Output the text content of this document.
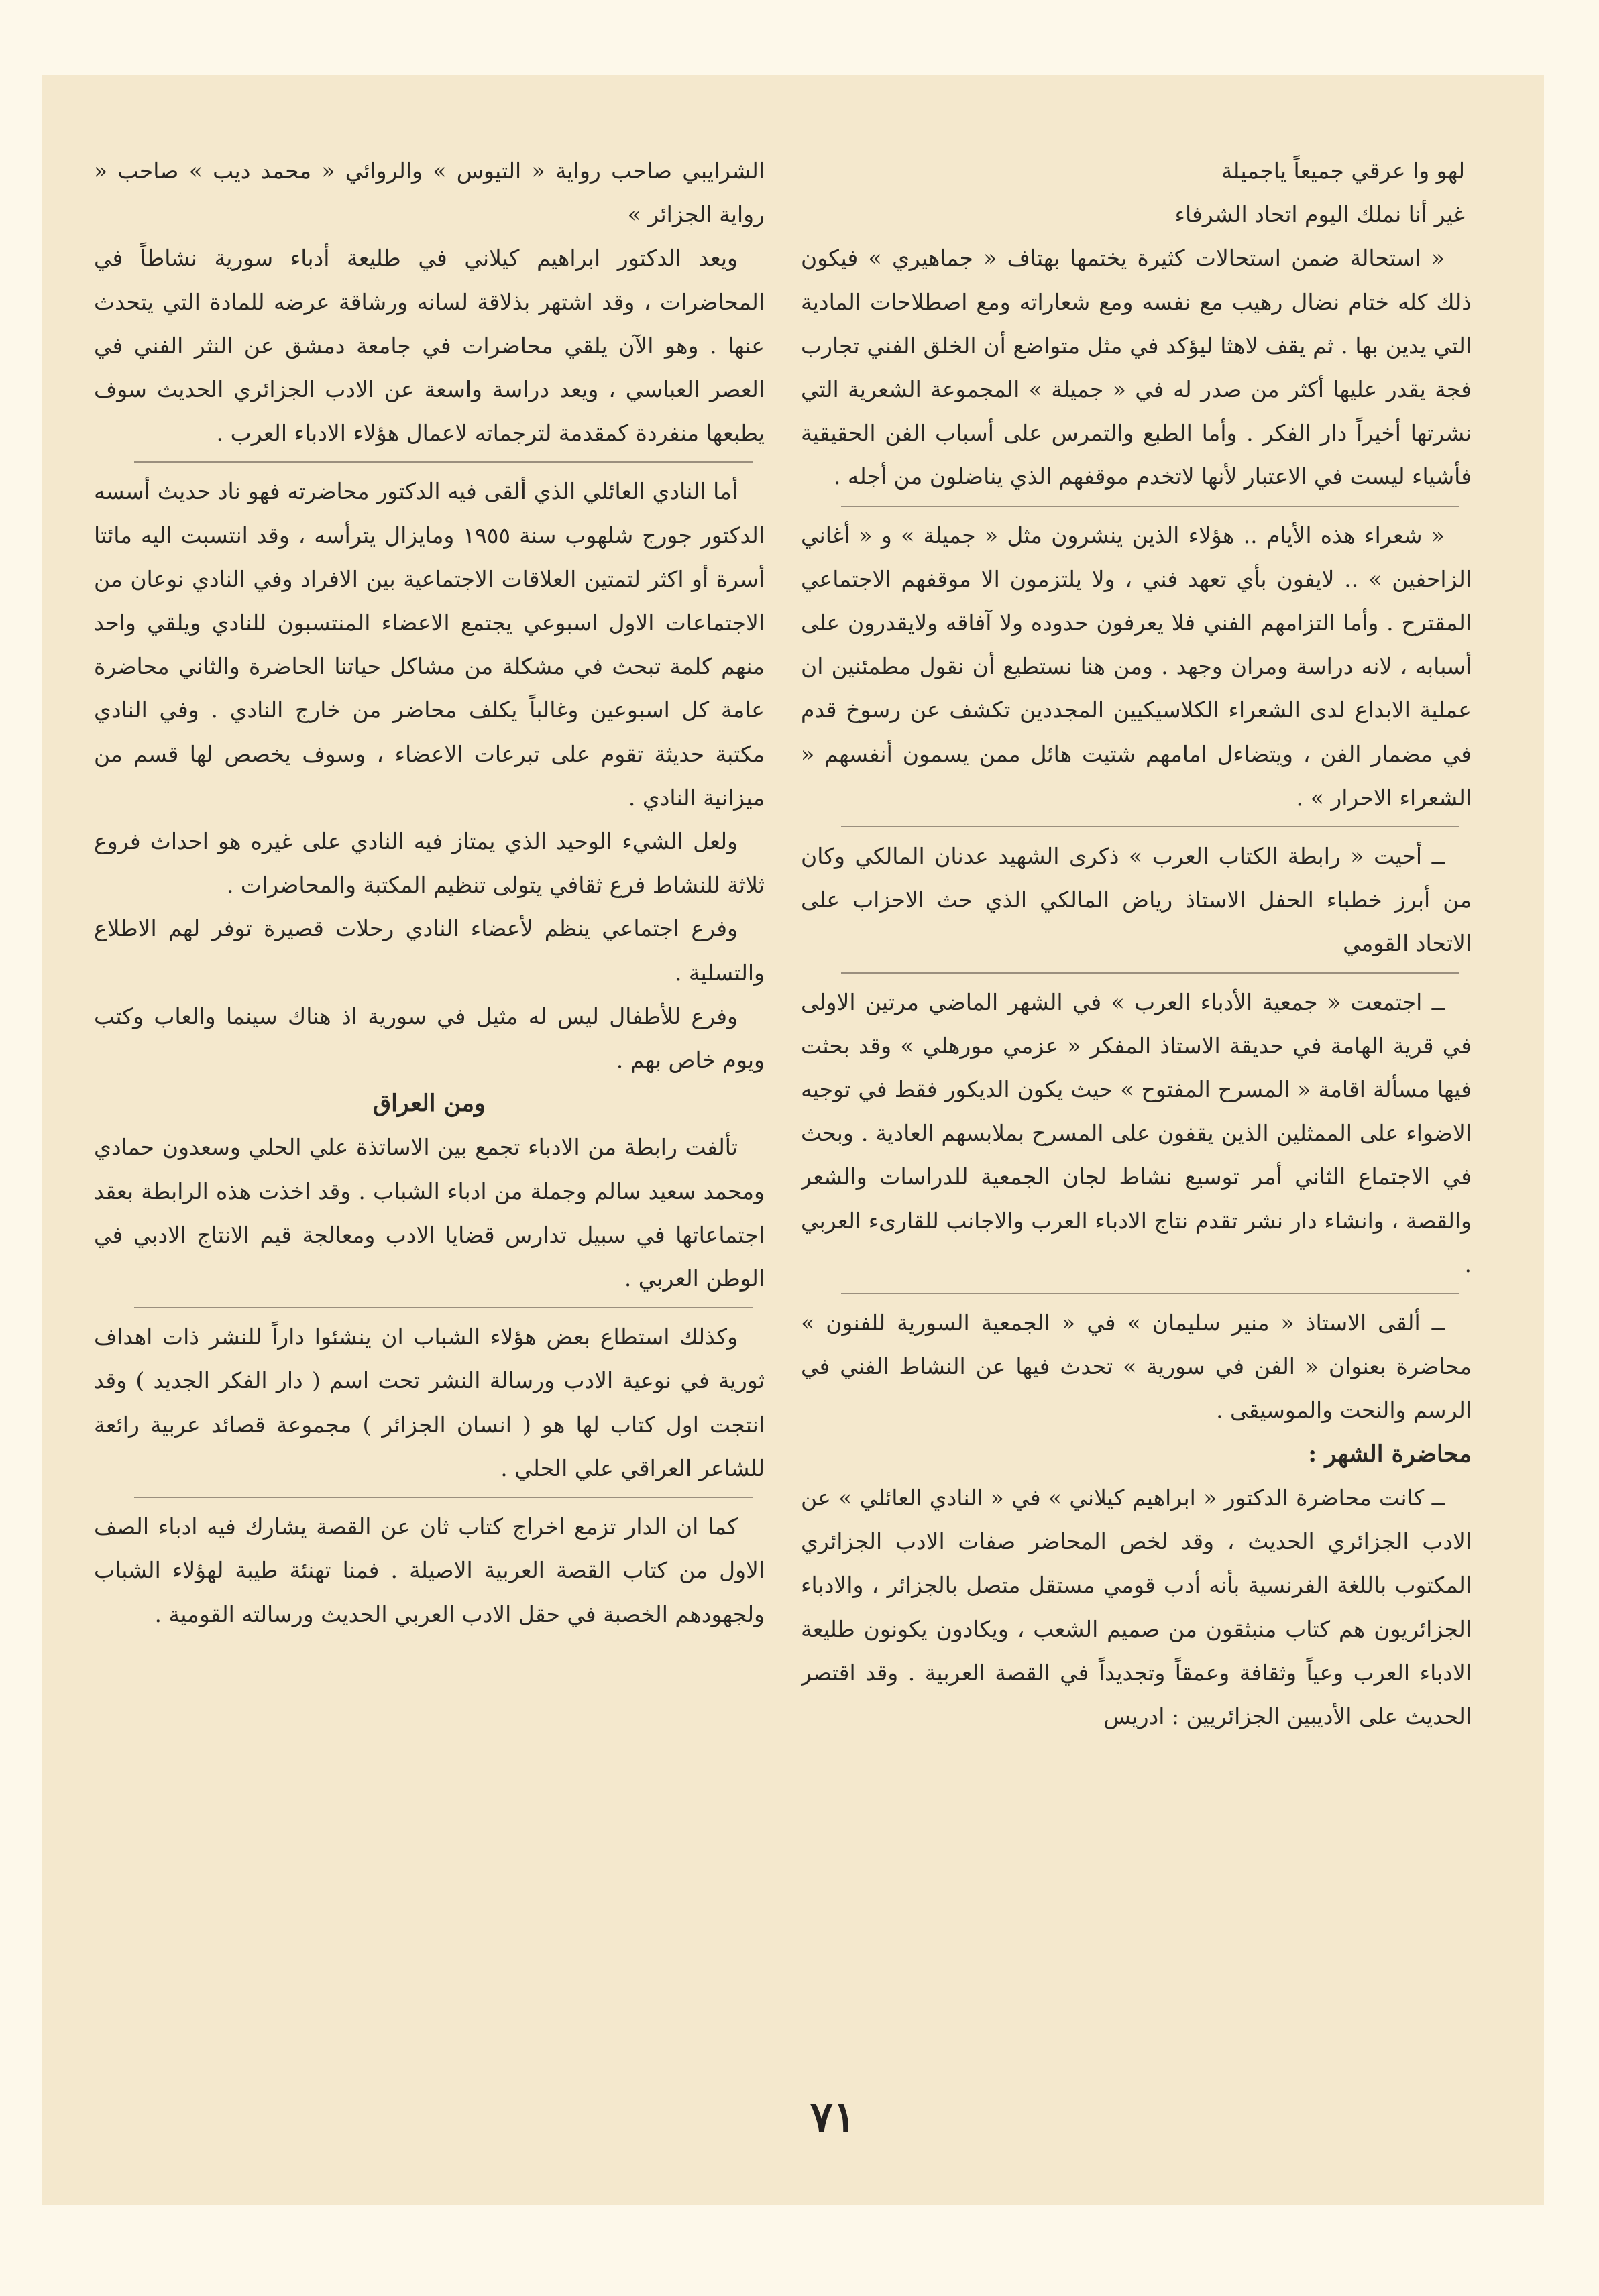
لهو وا عرقي جميعاً ياجميلة

غير أنا نملك اليوم اتحاد الشرفاء

« استحالة ضمن استحالات كثيرة يختمها بهتاف « جماهيري » فيكون ذلك كله ختام نضال رهيب مع نفسه ومع شعاراته ومع اصطلاحات المادية التي يدين بها . ثم يقف لاهثا ليؤكد في مثل متواضع أن الخلق الفني تجارب فجة يقدر عليها أكثر من صدر له في « جميلة » المجموعة الشعرية التي نشرتها أخيراً دار الفكر . وأما الطبع والتمرس على أسباب الفن الحقيقية فأشياء ليست في الاعتبار لأنها لاتخدم موقفهم الذي يناضلون من أجله .

« شعراء هذه الأيام .. هؤلاء الذين ينشرون مثل « جميلة » و « أغاني الزاحفين » .. لايفون بأي تعهد فني ، ولا يلتزمون الا موقفهم الاجتماعي المقترح . وأما التزامهم الفني فلا يعرفون حدوده ولا آفاقه ولايقدرون على أسبابه ، لانه دراسة ومران وجهد . ومن هنا نستطيع أن نقول مطمئنين ان عملية الابداع لدى الشعراء الكلاسيكيين المجددين تكشف عن رسوخ قدم في مضمار الفن ، ويتضاءل امامهم شتيت هائل ممن يسمون أنفسهم « الشعراء الاحرار » .

ــ أحيت « رابطة الكتاب العرب » ذكرى الشهيد عدنان المالكي وكان من أبرز خطباء الحفل الاستاذ رياض المالكي الذي حث الاحزاب على الاتحاد القومي

ــ اجتمعت « جمعية الأدباء العرب » في الشهر الماضي مرتين الاولى في قرية الهامة في حديقة الاستاذ المفكر « عزمي مورهلي » وقد بحثت فيها مسألة اقامة « المسرح المفتوح » حيث يكون الديكور فقط في توجيه الاضواء على الممثلين الذين يقفون على المسرح بملابسهم العادية . وبحث في الاجتماع الثاني أمر توسيع نشاط لجان الجمعية للدراسات والشعر والقصة ، وانشاء دار نشر تقدم نتاج الادباء العرب والاجانب للقارىء العربي .

ــ ألقى الاستاذ « منير سليمان » في « الجمعية السورية للفنون » محاضرة بعنوان « الفن في سورية » تحدث فيها عن النشاط الفني في الرسم والنحت والموسيقى .

محاضرة الشهر :

ــ كانت محاضرة الدكتور « ابراهيم كيلاني » في « النادي العائلي » عن الادب الجزائري الحديث ، وقد لخص المحاضر صفات الادب الجزائري المكتوب باللغة الفرنسية بأنه أدب قومي مستقل متصل بالجزائر ، والادباء الجزائريون هم كتاب منبثقون من صميم الشعب ، ويكادون يكونون طليعة الادباء العرب وعياً وثقافة وعمقاً وتجديداً في القصة العربية . وقد اقتصر الحديث على الأديبين الجزائريين : ادريس

الشرايبي صاحب رواية « التيوس » والروائي « محمد ديب » صاحب « رواية الجزائر »

ويعد الدكتور ابراهيم كيلاني في طليعة أدباء سورية نشاطاً في المحاضرات ، وقد اشتهر بذلاقة لسانه ورشاقة عرضه للمادة التي يتحدث عنها . وهو الآن يلقي محاضرات في جامعة دمشق عن النثر الفني في العصر العباسي ، ويعد دراسة واسعة عن الادب الجزائري الحديث سوف يطبعها منفردة كمقدمة لترجماته لاعمال هؤلاء الادباء العرب .

أما النادي العائلي الذي ألقى فيه الدكتور محاضرته فهو ناد حديث أسسه الدكتور جورج شلهوب سنة ١٩٥٥ ومايزال يترأسه ، وقد انتسبت اليه مائتا أسرة أو اكثر لتمتين العلاقات الاجتماعية بين الافراد وفي النادي نوعان من الاجتماعات الاول اسبوعي يجتمع الاعضاء المنتسبون للنادي ويلقي واحد منهم كلمة تبحث في مشكلة من مشاكل حياتنا الحاضرة والثاني محاضرة عامة كل اسبوعين وغالباً يكلف محاضر من خارج النادي . وفي النادي مكتبة حديثة تقوم على تبرعات الاعضاء ، وسوف يخصص لها قسم من ميزانية النادي .

ولعل الشيء الوحيد الذي يمتاز فيه النادي على غيره هو احداث فروع ثلاثة للنشاط فرع ثقافي يتولى تنظيم المكتبة والمحاضرات .

وفرع اجتماعي ينظم لأعضاء النادي رحلات قصيرة توفر لهم الاطلاع والتسلية .

وفرع للأطفال ليس له مثيل في سورية اذ هناك سينما والعاب وكتب ويوم خاص بهم .

ومن العراق

تألفت رابطة من الادباء تجمع بين الاساتذة علي الحلي وسعدون حمادي ومحمد سعيد سالم وجملة من ادباء الشباب . وقد اخذت هذه الرابطة بعقد اجتماعاتها في سبيل تدارس قضايا الادب ومعالجة قيم الانتاج الادبي في الوطن العربي .

وكذلك استطاع بعض هؤلاء الشباب ان ينشئوا داراً للنشر ذات اهداف ثورية في نوعية الادب ورسالة النشر تحت اسم ( دار الفكر الجديد ) وقد انتجت اول كتاب لها هو ( انسان الجزائر ) مجموعة قصائد عربية رائعة للشاعر العراقي علي الحلي .

كما ان الدار تزمع اخراج كتاب ثان عن القصة يشارك فيه ادباء الصف الاول من كتاب القصة العربية الاصيلة . فمنا تهنئة طيبة لهؤلاء الشباب ولجهودهم الخصبة في حقل الادب العربي الحديث ورسالته القومية .

٧١
